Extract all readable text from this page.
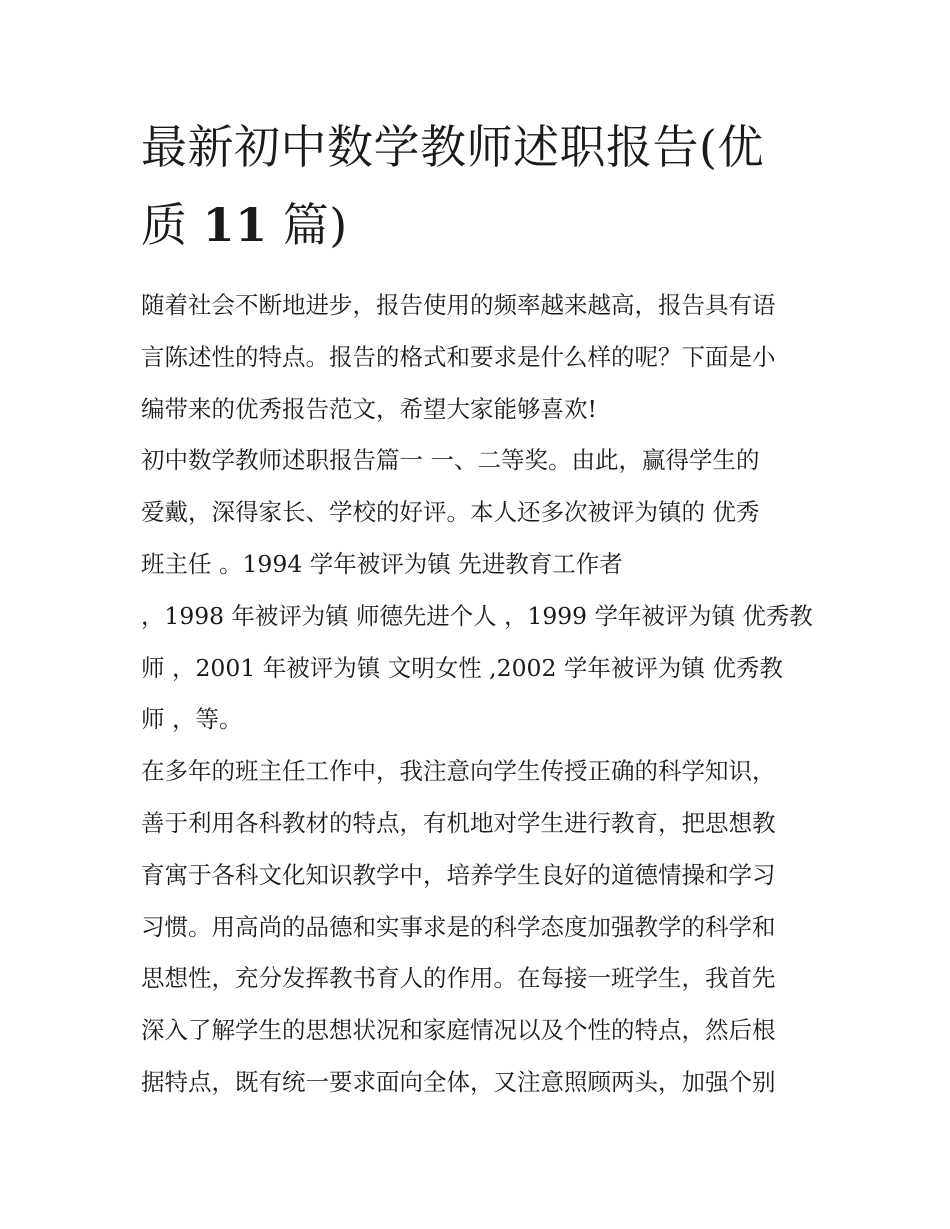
最新初中数学教师述职报告(优
质 11 篇)
随着社会不断地进步，报告使用的频率越来越高，报告具有语
言陈述性的特点。报告的格式和要求是什么样的呢？下面是小
编带来的优秀报告范文，希望大家能够喜欢!
初中数学教师述职报告篇一 一、二等奖。由此，赢得学生的
爱戴，深得家长、学校的好评。本人还多次被评为镇的 优秀
班主任 。1994 学年被评为镇 先进教育工作者
，1998 年被评为镇 师德先进个人 ，1999 学年被评为镇 优秀教
师 ，2001 年被评为镇 文明女性 ,2002 学年被评为镇 优秀教
师 ，等。
在多年的班主任工作中，我注意向学生传授正确的科学知识，
善于利用各科教材的特点，有机地对学生进行教育，把思想教
育寓于各科文化知识教学中，培养学生良好的道德情操和学习
习惯。用高尚的品德和实事求是的科学态度加强教学的科学和
思想性，充分发挥教书育人的作用。在每接一班学生，我首先
深入了解学生的思想状况和家庭情况以及个性的特点，然后根
据特点，既有统一要求面向全体，又注意照顾两头，加强个别
